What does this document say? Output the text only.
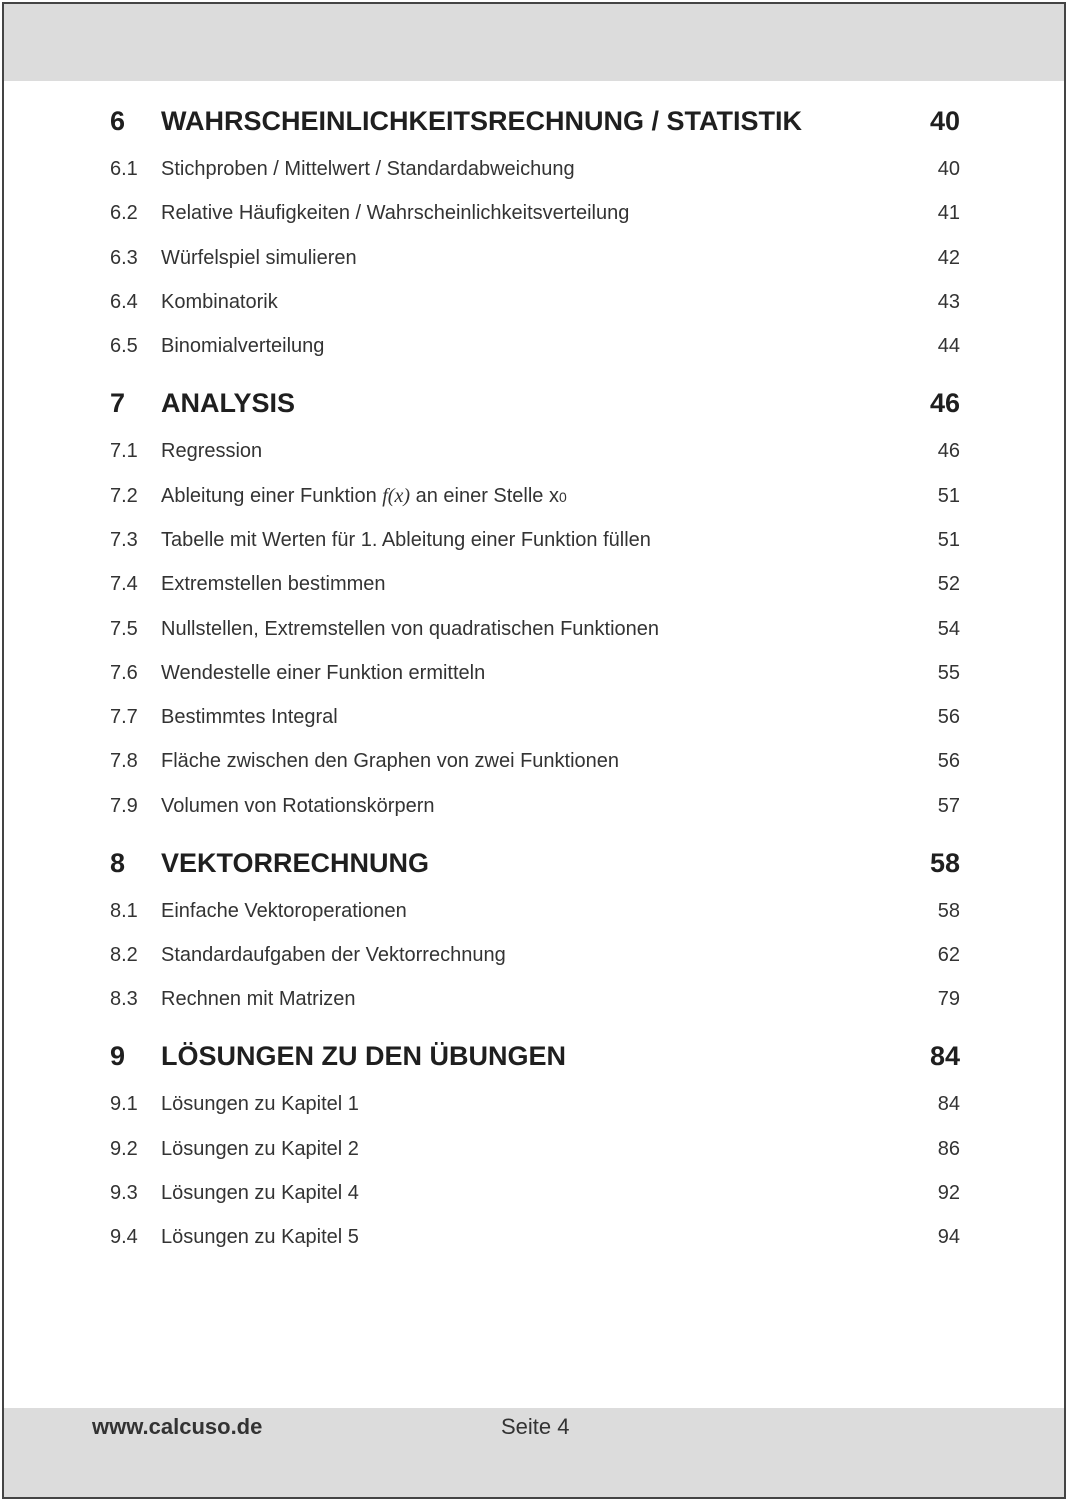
6 WAHRSCHEINLICHKEITSRECHNUNG / STATISTIK	40
6.1 Stichproben / Mittelwert / Standardabweichung	40
6.2 Relative Häufigkeiten / Wahrscheinlichkeitsverteilung	41
6.3 Würfelspiel simulieren	42
6.4 Kombinatorik	43
6.5 Binomialverteilung	44
7 ANALYSIS	46
7.1 Regression	46
7.2 Ableitung einer Funktion f(x) an einer Stelle x0	51
7.3 Tabelle mit Werten für 1. Ableitung einer Funktion füllen	51
7.4 Extremstellen bestimmen	52
7.5 Nullstellen, Extremstellen von quadratischen Funktionen	54
7.6 Wendestelle einer Funktion ermitteln	55
7.7 Bestimmtes Integral	56
7.8 Fläche zwischen den Graphen von zwei Funktionen	56
7.9 Volumen von Rotationskörpern	57
8 VEKTORRECHNUNG	58
8.1 Einfache Vektoroperationen	58
8.2 Standardaufgaben der Vektorrechnung	62
8.3 Rechnen mit Matrizen	79
9 LÖSUNGEN ZU DEN ÜBUNGEN	84
9.1 Lösungen zu Kapitel 1	84
9.2 Lösungen zu Kapitel 2	86
9.3 Lösungen zu Kapitel 4	92
9.4 Lösungen zu Kapitel 5	94
www.calcuso.de	Seite 4
